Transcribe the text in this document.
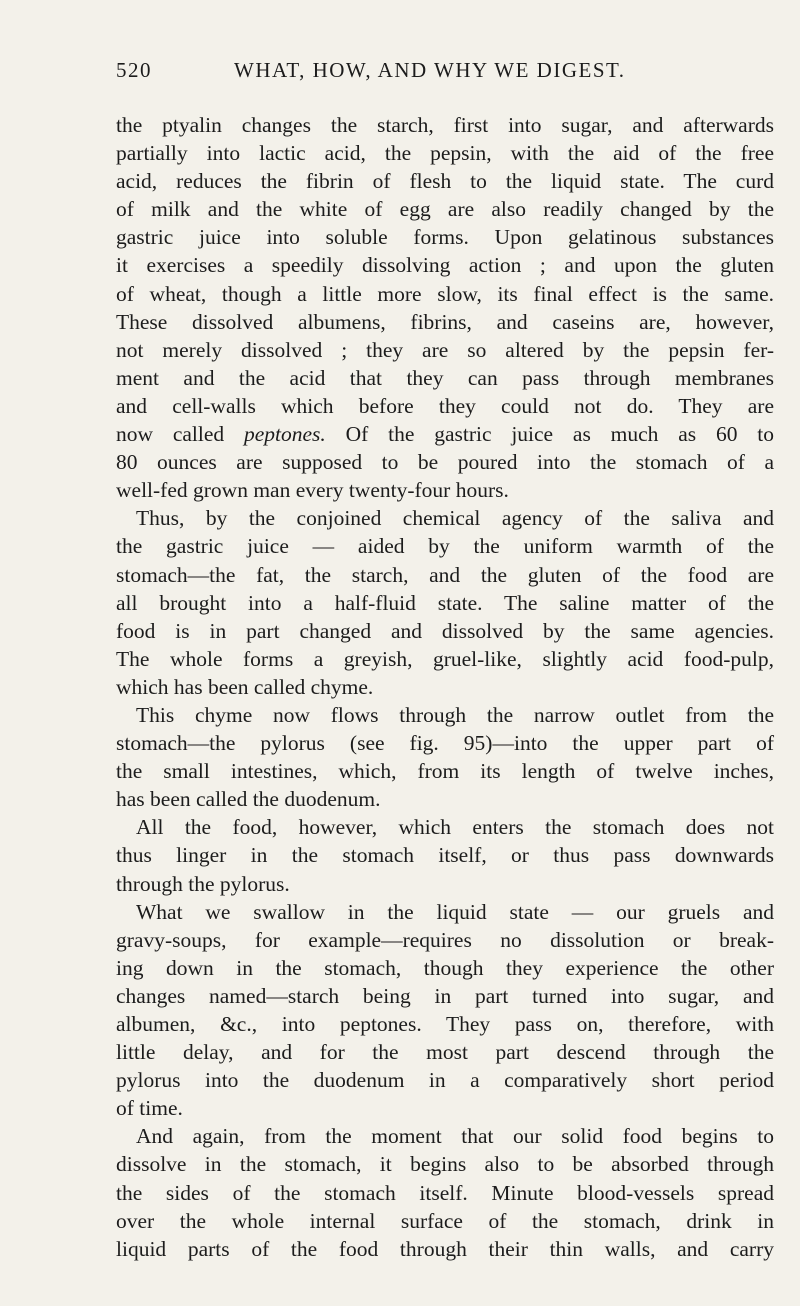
520	WHAT, HOW, AND WHY WE DIGEST.
the ptyalin changes the starch, first into sugar, and afterwards
partially into lactic acid, the pepsin, with the aid of the free
acid, reduces the fibrin of flesh to the liquid state. The curd
of milk and the white of egg are also readily changed by the
gastric juice into soluble forms. Upon gelatinous substances
it exercises a speedily dissolving action ; and upon the gluten
of wheat, though a little more slow, its final effect is the same.
These dissolved albumens, fibrins, and caseins are, however,
not merely dissolved ; they are so altered by the pepsin fer-
ment and the acid that they can pass through membranes
and cell-walls which before they could not do. They are
now called peptones. Of the gastric juice as much as 60 to
80 ounces are supposed to be poured into the stomach of a
well-fed grown man every twenty-four hours.
Thus, by the conjoined chemical agency of the saliva and
the gastric juice — aided by the uniform warmth of the
stomach—the fat, the starch, and the gluten of the food are
all brought into a half-fluid state. The saline matter of the
food is in part changed and dissolved by the same agencies.
The whole forms a greyish, gruel-like, slightly acid food-pulp,
which has been called chyme.
This chyme now flows through the narrow outlet from the
stomach—the pylorus (see fig. 95)—into the upper part of
the small intestines, which, from its length of twelve inches,
has been called the duodenum.
All the food, however, which enters the stomach does not
thus linger in the stomach itself, or thus pass downwards
through the pylorus.
What we swallow in the liquid state — our gruels and
gravy-soups, for example—requires no dissolution or break-
ing down in the stomach, though they experience the other
changes named—starch being in part turned into sugar, and
albumen, &c., into peptones. They pass on, therefore, with
little delay, and for the most part descend through the
pylorus into the duodenum in a comparatively short period
of time.
And again, from the moment that our solid food begins to
dissolve in the stomach, it begins also to be absorbed through
the sides of the stomach itself. Minute blood-vessels spread
over the whole internal surface of the stomach, drink in
liquid parts of the food through their thin walls, and carry
